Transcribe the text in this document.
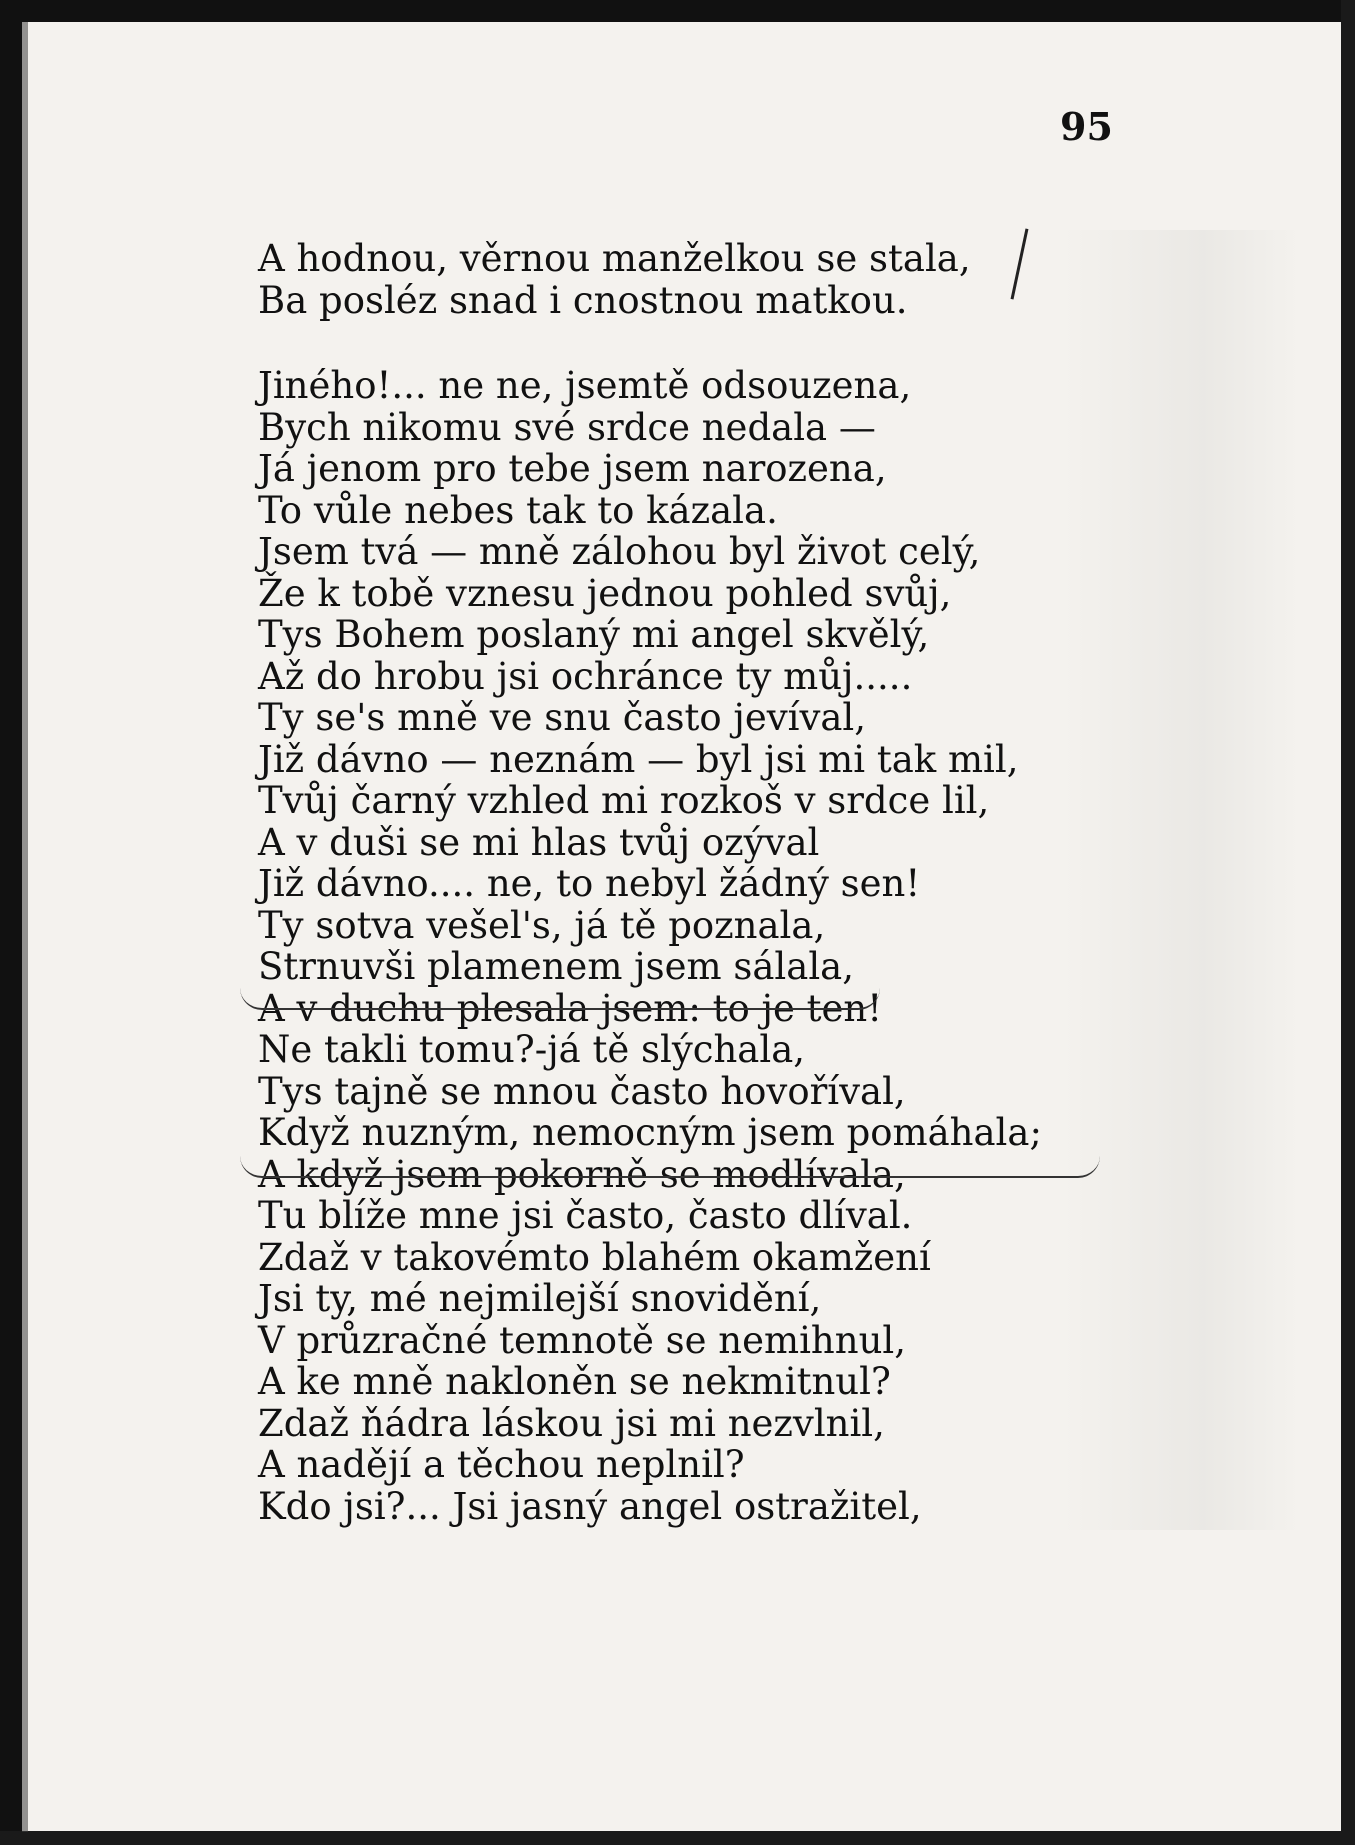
95

A hodnou, věrnou manželkou se stala,

Ba posléz snad i cnostnou matkou.

Jiného!... ne ne, jsemtě odsouzena,

Bych nikomu své srdce nedala —

Já jenom pro tebe jsem narozena,

To vůle nebes tak to kázala.

Jsem tvá — mně zálohou byl život celý,

Že k tobě vznesu jednou pohled svůj,

Tys Bohem poslaný mi angel skvělý,

Až do hrobu jsi ochránce ty můj.....

Ty se's mně ve snu často jevíval,

Již dávno — neznám — byl jsi mi tak mil,

Tvůj čarný vzhled mi rozkoš v srdce lil,

A v duši se mi hlas tvůj ozýval

Již dávno.... ne, to nebyl žádný sen!

Ty sotva vešel's, já tě poznala,

Strnuvši plamenem jsem sálala,

A v duchu plesala jsem: to je ten!

Ne takli tomu?-já tě slýchala,

Tys tajně se mnou často hovoříval,

Když nuzným, nemocným jsem pomáhala;

A když jsem pokorně se modlívala,

Tu blíže mne jsi často, často dlíval.

Zdaž v takovémto blahém okamžení

Jsi ty, mé nejmilejší snovidění,

V průzračné temnotě se nemihnul,

A ke mně nakloněn se nekmitnul?

Zdaž ňádra láskou jsi mi nezvlnil,

A nadějí a těchou neplnil?

Kdo jsi?... Jsi jasný angel ostražitel,
